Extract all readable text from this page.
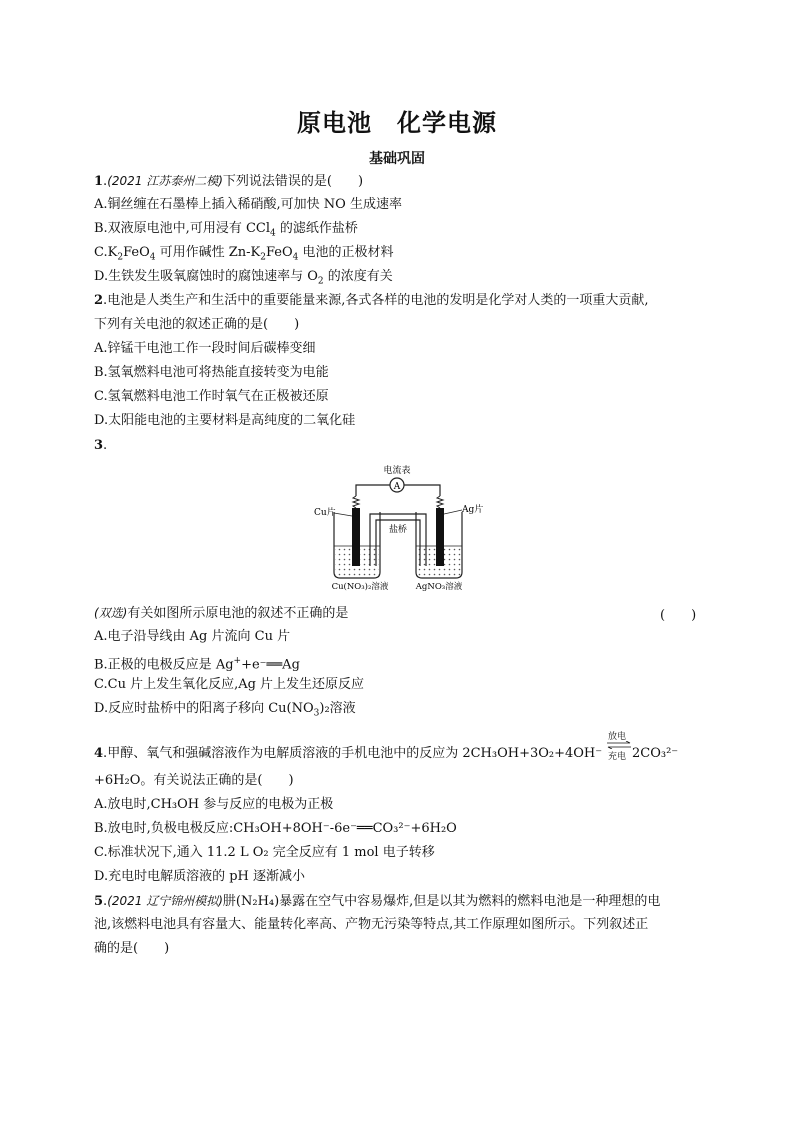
原电池　化学电源
基础巩固
1.(2021 江苏泰州二模)下列说法错误的是(　　)
A.铜丝缠在石墨棒上插入稀硝酸,可加快 NO 生成速率
B.双液原电池中,可用浸有 CCl$_4$ 的滤纸作盐桥
$C.K_2FeO_4$ 可用作碱性 $Zn-K_2FeO_4$ 电池的正极材料
D.生铁发生吸氧腐蚀时的腐蚀速率与 $O_2$ 的浓度有关
2.电池是人类生产和生活中的重要能量来源,各式各样的电池的发明是化学对人类的一项重大贡献,
下列有关电池的叙述正确的是(　　)
A.锌锰干电池工作一段时间后碳棒变细
B.氢氧燃料电池可将热能直接转变为电能
C.氢氧燃料电池工作时氧气在正极被还原
D.太阳能电池的主要材料是高纯度的二氧化硅
3.
A
电流表
盐桥
Cu片	Ag片
Cu(NO₃)₂溶液	AgNO₃溶液
(双选)有关如图所示原电池的叙述不正确的是	(　　)
A.电子沿导线由 Ag 片流向 Cu 片
B.正极的电极反应是 Ag++e⁻══Ag
C.Cu 片上发生氧化反应,Ag 片上发生还原反应
D.反应时盐桥中的阳离子移向 $Cu(NO_3)_2$溶液
4.甲醇、氧气和强碱溶液作为电解质溶液的手机电池中的反应为 2CH₃OH+3O₂+4OH⁻
放电
充电 2CO₃²⁻
+6H₂O。有关说法正确的是(　　)
A.放电时,CH₃OH 参与反应的电极为正极
B.放电时,负极电极反应:CH₃OH+8OH⁻-6e⁻══CO₃²⁻+6H₂O
C.标准状况下,通入 11.2 L O₂ 完全反应有 1 mol 电子转移
D.充电时电解质溶液的 pH 逐渐减小
5.(2021 辽宁锦州模拟)肼(N₂H₄)暴露在空气中容易爆炸,但是以其为燃料的燃料电池是一种理想的电
池,该燃料电池具有容量大、能量转化率高、产物无污染等特点,其工作原理如图所示。下列叙述正
确的是(　　)
